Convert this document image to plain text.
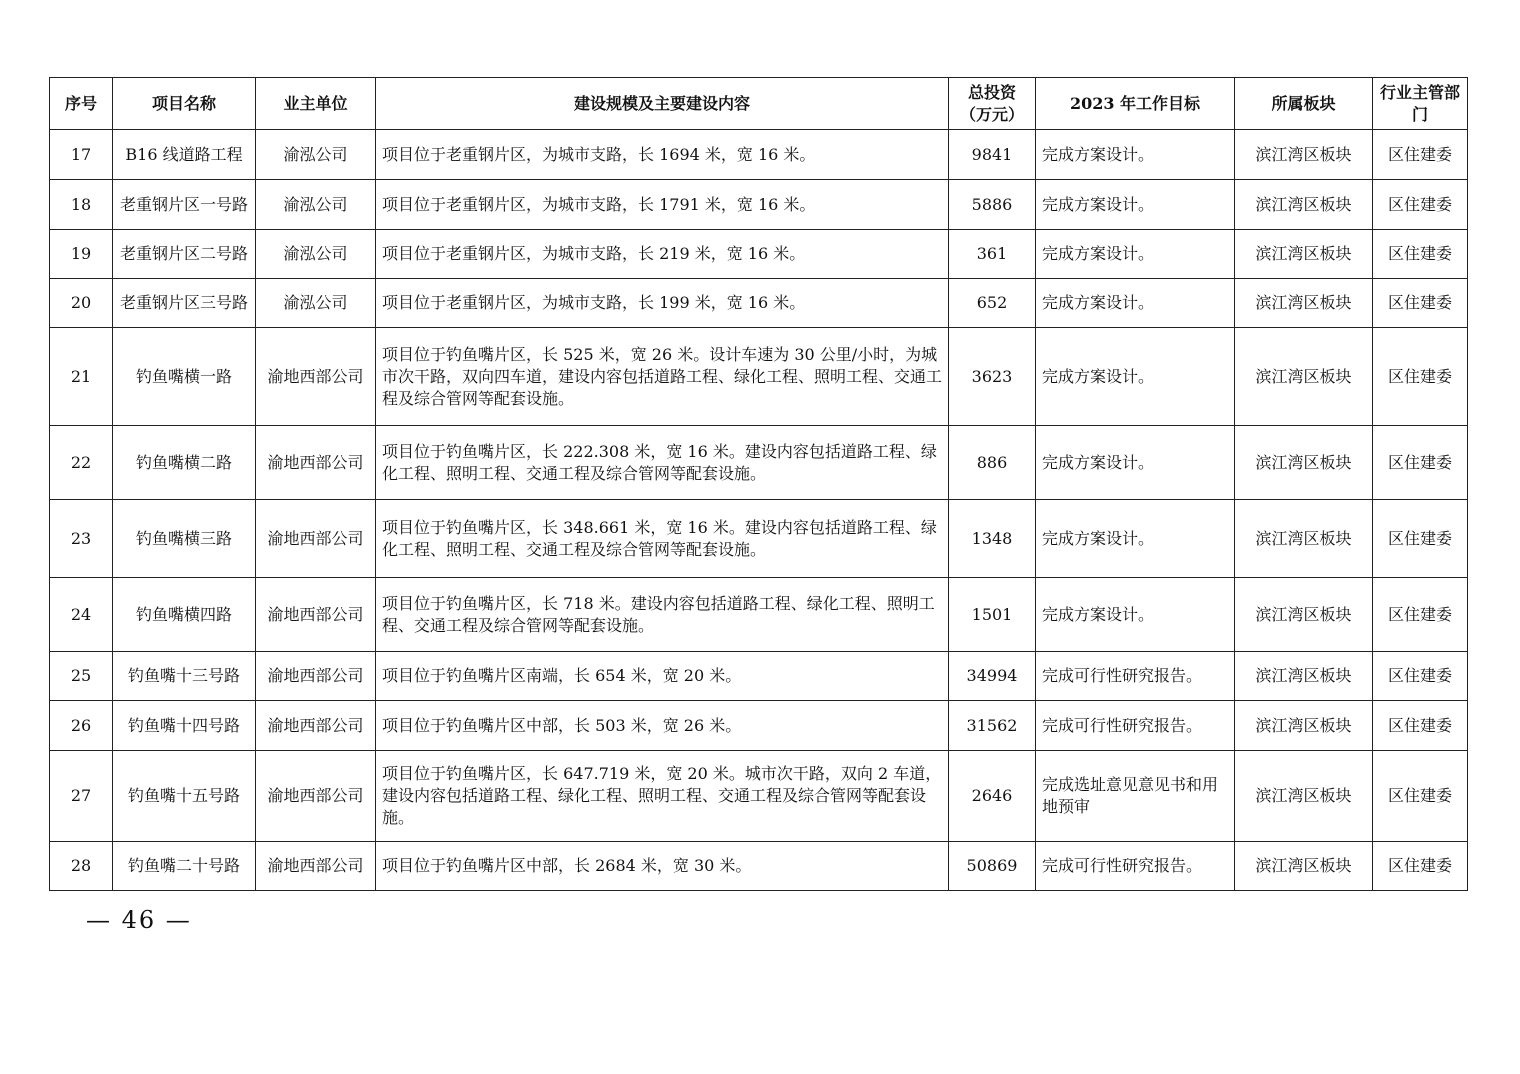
序号	项目名称	业主单位	建设规模及主要建设内容	总投资（万元）	2023 年工作目标	所属板块	行业主管部门
17	B16 线道路工程	渝泓公司	项目位于老重钢片区，为城市支路，长 1694 米，宽 16 米。	9841	完成方案设计。	滨江湾区板块	区住建委
18	老重钢片区一号路	渝泓公司	项目位于老重钢片区，为城市支路，长 1791 米，宽 16 米。	5886	完成方案设计。	滨江湾区板块	区住建委
19	老重钢片区二号路	渝泓公司	项目位于老重钢片区，为城市支路，长 219 米，宽 16 米。	361	完成方案设计。	滨江湾区板块	区住建委
20	老重钢片区三号路	渝泓公司	项目位于老重钢片区，为城市支路，长 199 米，宽 16 米。	652	完成方案设计。	滨江湾区板块	区住建委
21	钓鱼嘴横一路	渝地西部公司	项目位于钓鱼嘴片区，长 525 米，宽 26 米。设计车速为 30 公里/小时，为城市次干路，双向四车道，建设内容包括道路工程、绿化工程、照明工程、交通工程及综合管网等配套设施。	3623	完成方案设计。	滨江湾区板块	区住建委
22	钓鱼嘴横二路	渝地西部公司	项目位于钓鱼嘴片区，长 222.308 米，宽 16 米。建设内容包括道路工程、绿化工程、照明工程、交通工程及综合管网等配套设施。	886	完成方案设计。	滨江湾区板块	区住建委
23	钓鱼嘴横三路	渝地西部公司	项目位于钓鱼嘴片区，长 348.661 米，宽 16 米。建设内容包括道路工程、绿化工程、照明工程、交通工程及综合管网等配套设施。	1348	完成方案设计。	滨江湾区板块	区住建委
24	钓鱼嘴横四路	渝地西部公司	项目位于钓鱼嘴片区，长 718 米。建设内容包括道路工程、绿化工程、照明工程、交通工程及综合管网等配套设施。	1501	完成方案设计。	滨江湾区板块	区住建委
25	钓鱼嘴十三号路	渝地西部公司	项目位于钓鱼嘴片区南端，长 654 米，宽 20 米。	34994	完成可行性研究报告。	滨江湾区板块	区住建委
26	钓鱼嘴十四号路	渝地西部公司	项目位于钓鱼嘴片区中部，长 503 米，宽 26 米。	31562	完成可行性研究报告。	滨江湾区板块	区住建委
27	钓鱼嘴十五号路	渝地西部公司	项目位于钓鱼嘴片区，长 647.719 米，宽 20 米。城市次干路，双向 2 车道，建设内容包括道路工程、绿化工程、照明工程、交通工程及综合管网等配套设施。	2646	完成选址意见意见书和用地预审	滨江湾区板块	区住建委
28	钓鱼嘴二十号路	渝地西部公司	项目位于钓鱼嘴片区中部，长 2684 米，宽 30 米。	50869	完成可行性研究报告。	滨江湾区板块	区住建委
— 46 —
